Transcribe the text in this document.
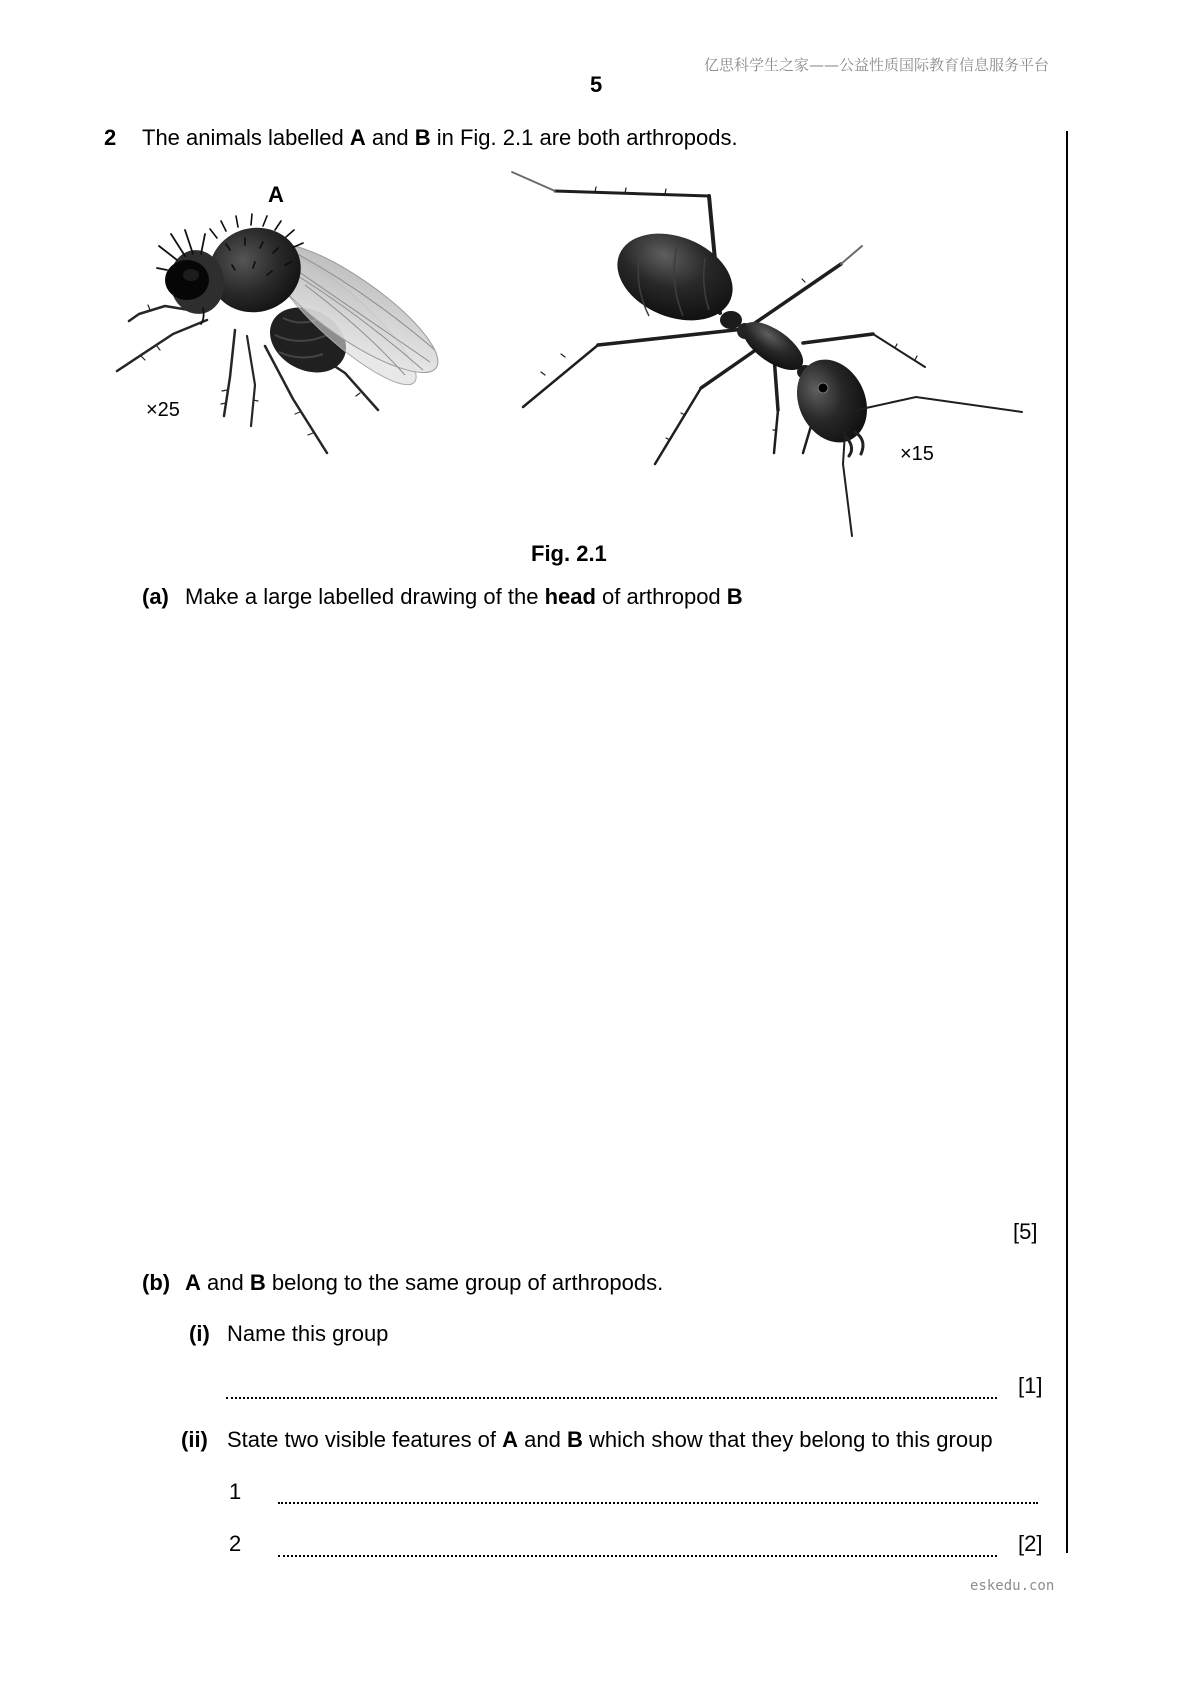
亿思科学生之家——公益性质国际教育信息服务平台
5
2 The animals labelled A and B in Fig. 2.1 are both arthropods.
A
×25
×15
Fig. 2.1
(a) Make a large labelled drawing of the head of arthropod B
[5]
(b) A and B belong to the same group of arthropods.
(i) Name this group
[1]
(ii) State two visible features of A and B which show that they belong to this group
1
2	[2]
eskedu.con
